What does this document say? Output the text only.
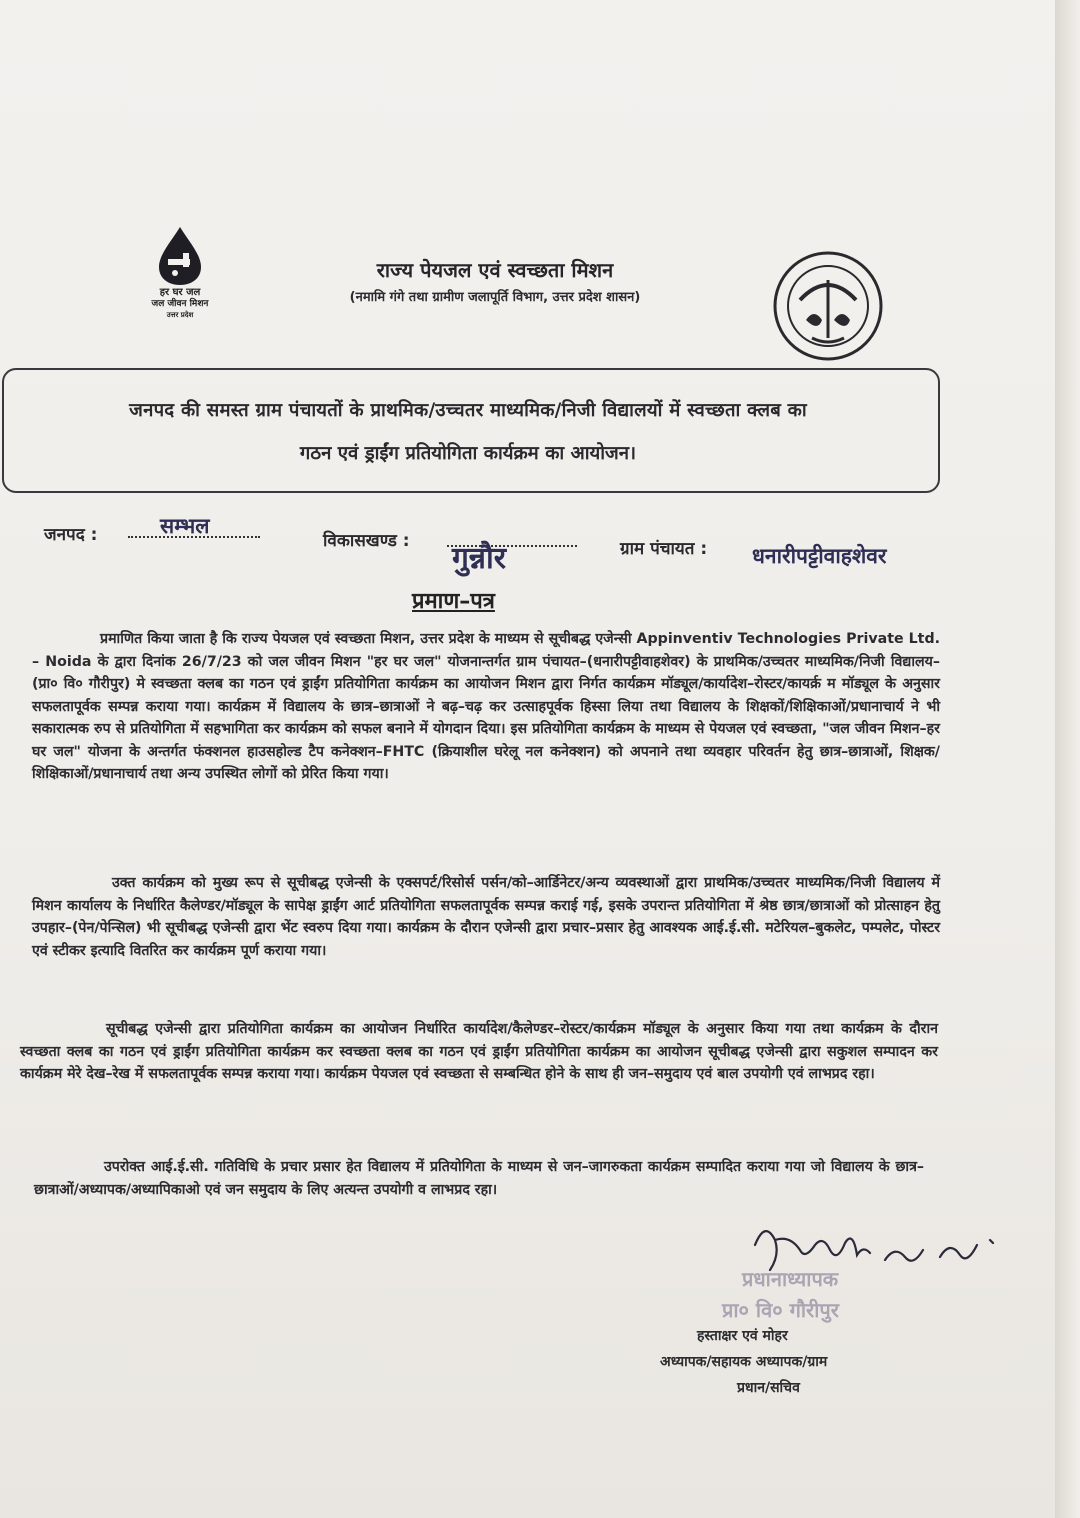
हर घर जल
जल जीवन मिशन
उत्तर प्रदेश
राज्य पेयजल एवं स्वच्छता मिशन
(नमामि गंगे तथा ग्रामीण जलापूर्ति विभाग, उत्तर प्रदेश शासन)
जनपद की समस्त ग्राम पंचायतों के प्राथमिक/उच्चतर माध्यमिक/निजी विद्यालयों में स्वच्छता क्लब का
गठन एवं ड्राईंग प्रतियोगिता कार्यक्रम का आयोजन।
जनपद :	सम्भल
विकासखण्ड : गुन्नौर	ग्राम पंचायत : धनारीपट्टीवाहशेवर
प्रमाण–पत्र
प्रमाणित किया जाता है कि राज्य पेयजल एवं स्वच्छता मिशन, उत्तर प्रदेश के माध्यम से सूचीबद्ध एजेन्सी Appinventiv Technologies Private Ltd. – Noida के द्वारा दिनांक 26/7/23 को जल जीवन मिशन "हर घर जल" योजनान्तर्गत ग्राम पंचायत–(धनारीपट्टीवाहशेवर) के प्राथमिक/उच्चतर माध्यमिक/निजी विद्यालय–(प्रा० वि० गौरीपुर) मे स्वच्छता क्लब का गठन एवं ड्राईंग प्रतियोगिता कार्यक्रम का आयोजन मिशन द्वारा निर्गत कार्यक्रम मॉड्यूल/कार्यादेश–रोस्टर/कायर्क्र म मॉड्यूल के अनुसार सफलतापूर्वक सम्पन्न कराया गया। कार्यक्रम में विद्यालय के छात्र–छात्राओं ने बढ़–चढ़ कर उत्साहपूर्वक हिस्सा लिया तथा विद्यालय के शिक्षकों/शिक्षिकाओं/प्रधानाचार्य ने भी सकारात्मक रुप से प्रतियोगिता में सहभागिता कर कार्यक्रम को सफल बनाने में योगदान दिया। इस प्रतियोगिता कार्यक्रम के माध्यम से पेयजल एवं स्वच्छता, "जल जीवन मिशन–हर घर जल" योजना के अन्तर्गत फंक्शनल हाउसहोल्ड टैप कनेक्शन–FHTC (क्रियाशील घरेलू नल कनेक्शन) को अपनाने तथा व्यवहार परिवर्तन हेतु छात्र–छात्राओं, शिक्षक/शिक्षिकाओं/प्रधानाचार्य तथा अन्य उपस्थित लोगों को प्रेरित किया गया।
उक्त कार्यक्रम को मुख्य रूप से सूचीबद्ध एजेन्सी के एक्सपर्ट/रिसोर्स पर्सन/को–आर्डिनेटर/अन्य व्यवस्थाओं द्वारा प्राथमिक/उच्चतर माध्यमिक/निजी विद्यालय में मिशन कार्यालय के निर्धारित कैलेण्डर/मॉड्यूल के सापेक्ष ड्राईंग आर्ट प्रतियोगिता सफलतापूर्वक सम्पन्न कराई गई, इसके उपरान्त प्रतियोगिता में श्रेष्ठ छात्र/छात्राओं को प्रोत्साहन हेतु उपहार–(पेन/पेन्सिल) भी सूचीबद्ध एजेन्सी द्वारा भेंट स्वरुप दिया गया। कार्यक्रम के दौरान एजेन्सी द्वारा प्रचार–प्रसार हेतु आवश्यक आई.ई.सी. मटेरियल–बुकलेट, पम्पलेट, पोस्टर एवं स्टीकर इत्यादि वितरित कर कार्यक्रम पूर्ण कराया गया।
सूचीबद्ध एजेन्सी द्वारा प्रतियोगिता कार्यक्रम का आयोजन निर्धारित कार्यादेश/कैलेण्डर–रोस्टर/कार्यक्रम मॉड्यूल के अनुसार किया गया तथा कार्यक्रम के दौरान स्वच्छता क्लब का गठन एवं ड्राईंग प्रतियोगिता कार्यक्रम कर स्वच्छता क्लब का गठन एवं ड्राईंग प्रतियोगिता कार्यक्रम का आयोजन सूचीबद्ध एजेन्सी द्वारा सकुशल सम्पादन कर कार्यक्रम मेरे देख–रेख में सफलतापूर्वक सम्पन्न कराया गया। कार्यक्रम पेयजल एवं स्वच्छता से सम्बन्धित होने के साथ ही जन–समुदाय एवं बाल उपयोगी एवं लाभप्रद रहा।
उपरोक्त आई.ई.सी. गतिविधि के प्रचार प्रसार हेत विद्यालय में प्रतियोगिता के माध्यम से जन–जागरुकता कार्यक्रम सम्पादित कराया गया जो विद्यालय के छात्र–छात्राओं/अध्यापक/अध्यापिकाओ एवं जन समुदाय के लिए अत्यन्त उपयोगी व लाभप्रद रहा।
प्रधानाध्यापक
प्रा० वि० गौरीपुर
हस्ताक्षर एवं मोहर
अध्यापक/सहायक अध्यापक/ग्राम
प्रधान/सचिव
